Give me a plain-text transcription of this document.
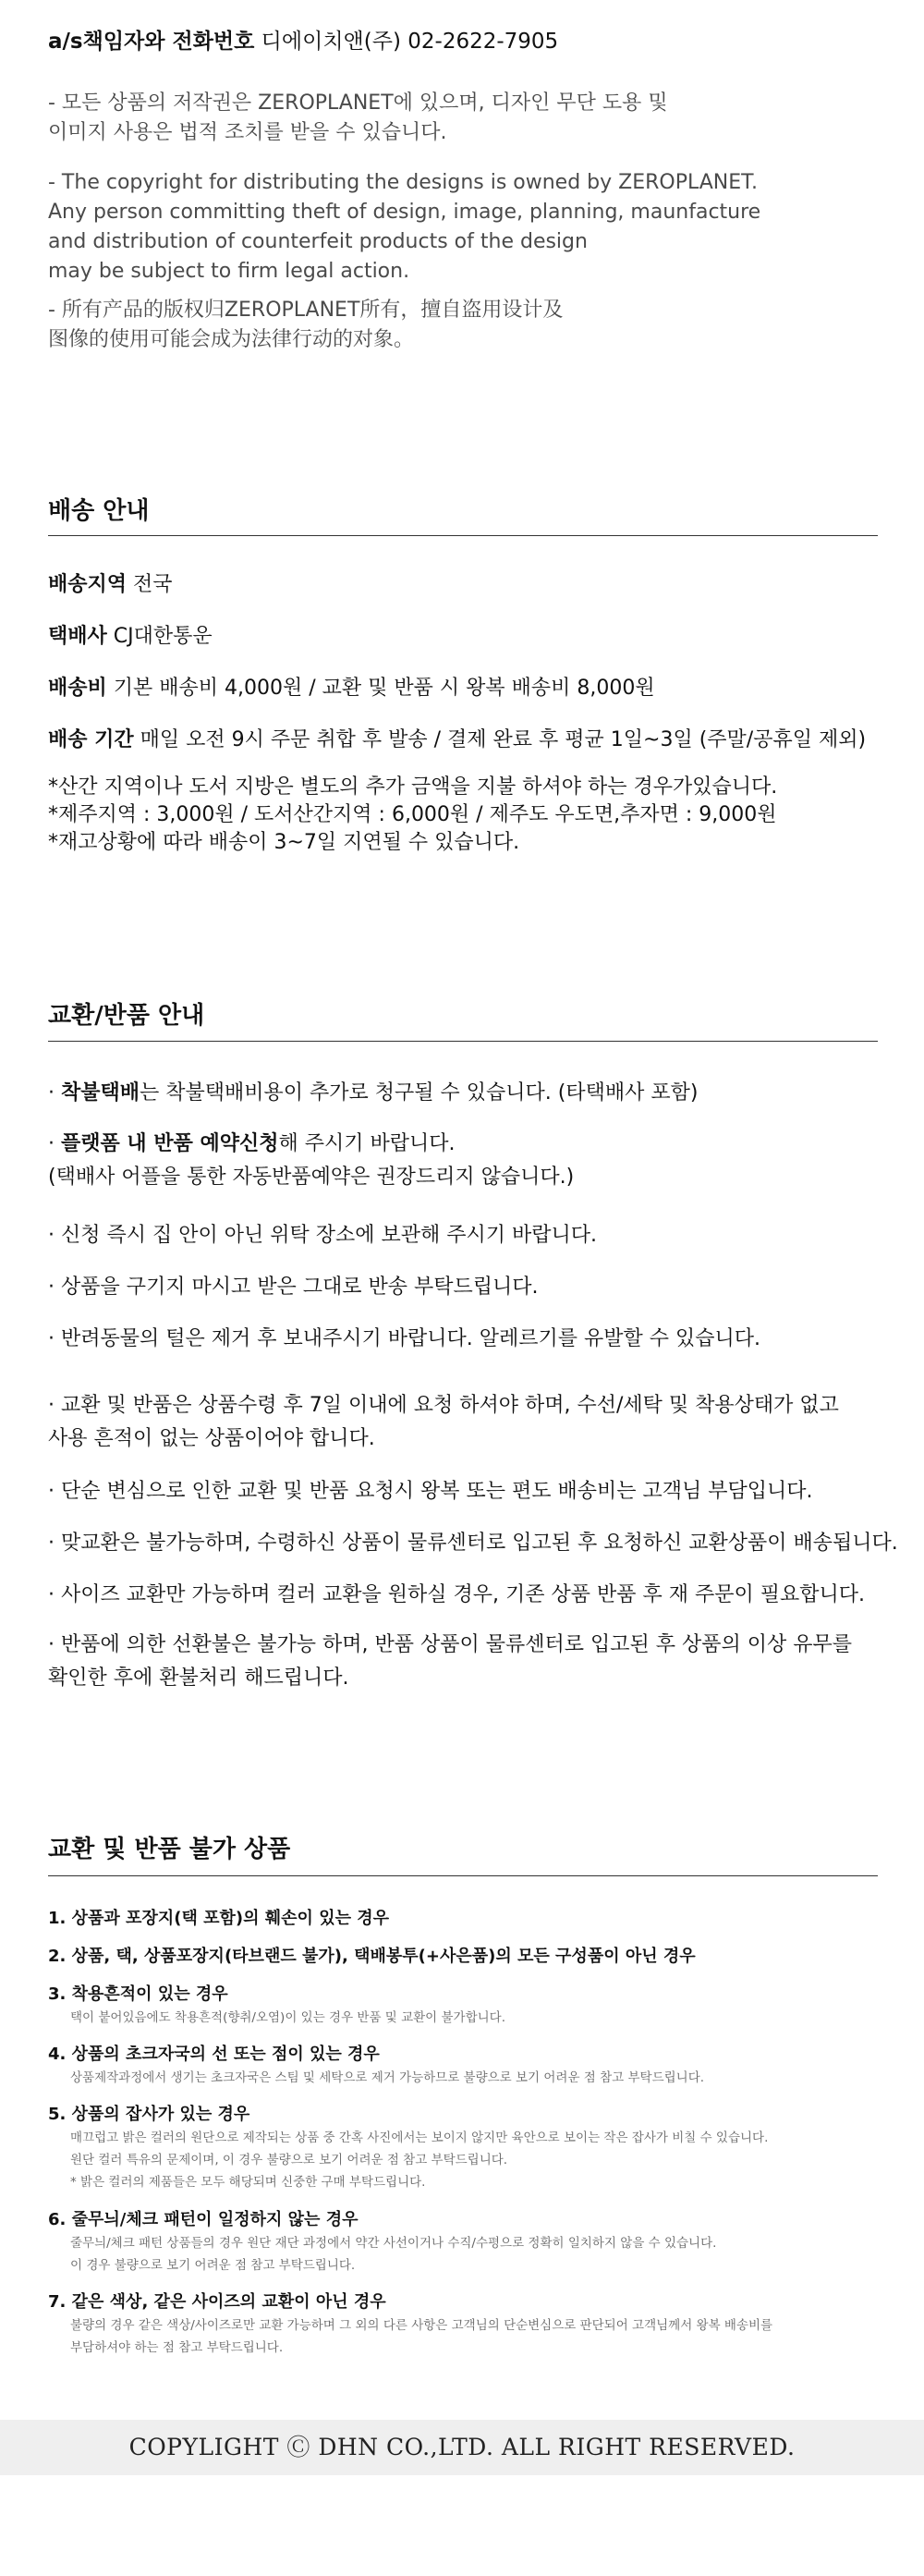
a/s책임자와 전화번호 디에이치앤(주) 02-2622-7905
- 모든 상품의 저작권은 ZEROPLANET에 있으며, 디자인 무단 도용 및
이미지 사용은 법적 조치를 받을 수 있습니다.
- The copyright for distributing the designs is owned by ZEROPLANET.
Any person committing theft of design, image, planning, maunfacture
and distribution of counterfeit products of the design
may be subject to firm legal action.
- 所有产品的版权归ZEROPLANET所有，擅自盗用设计及
图像的使用可能会成为法律行动的对象。
배송 안내
배송지역 전국
택배사 CJ대한통운
배송비 기본 배송비 4,000원 / 교환 및 반품 시 왕복 배송비 8,000원
배송 기간 매일 오전 9시 주문 취합 후 발송 / 결제 완료 후 평균 1일~3일 (주말/공휴일 제외)
*산간 지역이나 도서 지방은 별도의 추가 금액을 지불 하셔야 하는 경우가있습니다.
*제주지역 : 3,000원 / 도서산간지역 : 6,000원 / 제주도 우도면,추자면 : 9,000원
*재고상황에 따라 배송이 3~7일 지연될 수 있습니다.
교환/반품 안내
· 착불택배는 착불택배비용이 추가로 청구될 수 있습니다. (타택배사 포함)
· 플랫폼 내 반품 예약신청해 주시기 바랍니다.
(택배사 어플을 통한 자동반품예약은 권장드리지 않습니다.)
· 신청 즉시 집 안이 아닌 위탁 장소에 보관해 주시기 바랍니다.
· 상품을 구기지 마시고 받은 그대로 반송 부탁드립니다.
· 반려동물의 털은 제거 후 보내주시기 바랍니다. 알레르기를 유발할 수 있습니다.
· 교환 및 반품은 상품수령 후 7일 이내에 요청 하셔야 하며, 수선/세탁 및 착용상태가 없고
사용 흔적이 없는 상품이어야 합니다.
· 단순 변심으로 인한 교환 및 반품 요청시 왕복 또는 편도 배송비는 고객님 부담입니다.
· 맞교환은 불가능하며, 수령하신 상품이 물류센터로 입고된 후 요청하신 교환상품이 배송됩니다.
· 사이즈 교환만 가능하며 컬러 교환을 원하실 경우, 기존 상품 반품 후 재 주문이 필요합니다.
· 반품에 의한 선환불은 불가능 하며, 반품 상품이 물류센터로 입고된 후 상품의 이상 유무를
확인한 후에 환불처리 해드립니다.
교환 및 반품 불가 상품
1. 상품과 포장지(택 포함)의 훼손이 있는 경우
2. 상품, 택, 상품포장지(타브랜드 불가), 택배봉투(+사은품)의 모든 구성품이 아닌 경우
3. 착용흔적이 있는 경우
택이 붙어있음에도 착용흔적(향취/오염)이 있는 경우 반품 및 교환이 불가합니다.
4. 상품의 초크자국의 선 또는 점이 있는 경우
상품제작과정에서 생기는 초크자국은 스팀 및 세탁으로 제거 가능하므로 불량으로 보기 어려운 점 참고 부탁드립니다.
5. 상품의 잡사가 있는 경우
매끄럽고 밝은 컬러의 원단으로 제작되는 상품 중 간혹 사진에서는 보이지 않지만 육안으로 보이는 작은 잡사가 비칠 수 있습니다.
원단 컬러 특유의 문제이며, 이 경우 불량으로 보기 어려운 점 참고 부탁드립니다.
* 밝은 컬러의 제품들은 모두 해당되며 신중한 구매 부탁드립니다.
6. 줄무늬/체크 패턴이 일정하지 않는 경우
줄무늬/체크 패턴 상품들의 경우 원단 재단 과정에서 약간 사선이거나 수직/수평으로 정확히 일치하지 않을 수 있습니다.
이 경우 불량으로 보기 어려운 점 참고 부탁드립니다.
7. 같은 색상, 같은 사이즈의 교환이 아닌 경우
불량의 경우 같은 색상/사이즈로만 교환 가능하며 그 외의 다른 사항은 고객님의 단순변심으로 판단되어 고객님께서 왕복 배송비를
부담하셔야 하는 점 참고 부탁드립니다.
COPYLIGHT Ⓒ DHN CO.,LTD. ALL RIGHT RESERVED.
